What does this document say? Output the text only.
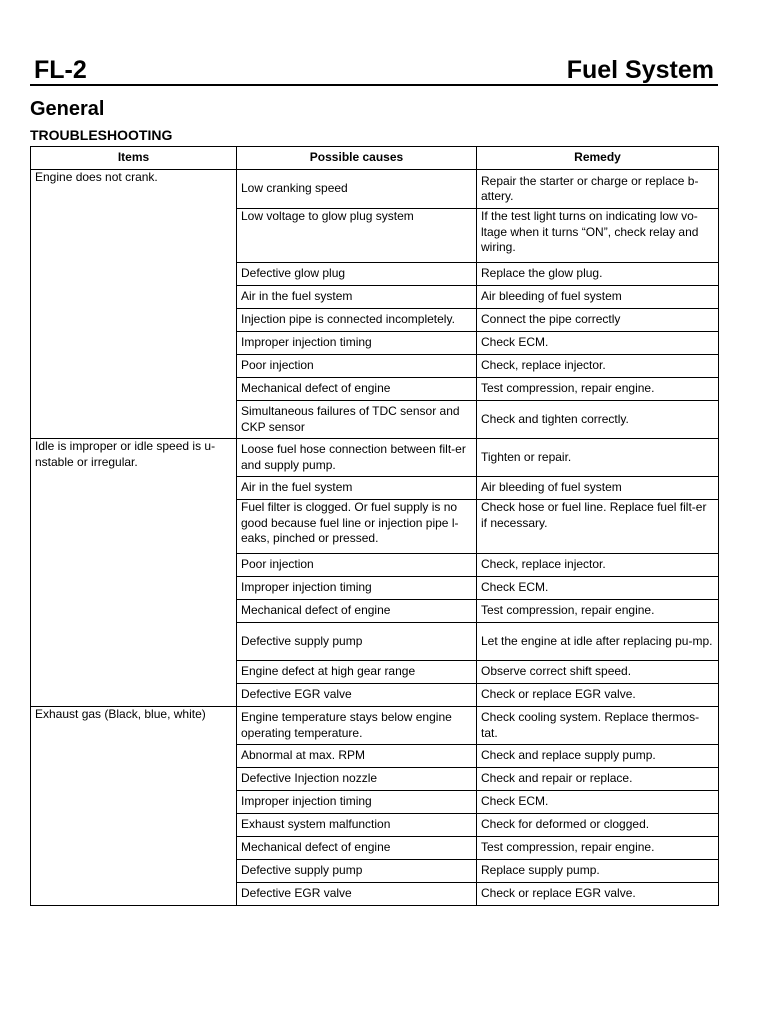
FL-2	Fuel System
General
TROUBLESHOOTING
Items	Possible causes	Remedy
Engine does not crank.	Low cranking speed	Repair the starter or charge or replace b-attery.
	Low voltage to glow plug system	If the test light turns on indicating low vo-ltage when it turns “ON”, check relay and wiring.
	Defective glow plug	Replace the glow plug.
	Air in the fuel system	Air bleeding of fuel system
	Injection pipe is connected incompletely.	Connect the pipe correctly
	Improper injection timing	Check ECM.
	Poor injection	Check, replace injector.
	Mechanical defect of engine	Test compression, repair engine.
	Simultaneous failures of TDC sensor and CKP sensor	Check and tighten correctly.
Idle is improper or idle speed is u-nstable or irregular.	Loose fuel hose connection between filt-er and supply pump.	Tighten or repair.
	Air in the fuel system	Air bleeding of fuel system
	Fuel filter is clogged. Or fuel supply is no good because fuel line or injection pipe l-eaks, pinched or pressed.	Check hose or fuel line. Replace fuel filt-er if necessary.
	Poor injection	Check, replace injector.
	Improper injection timing	Check ECM.
	Mechanical defect of engine	Test compression, repair engine.
	Defective supply pump	Let the engine at idle after replacing pu-mp.
	Engine defect at high gear range	Observe correct shift speed.
	Defective EGR valve	Check or replace EGR valve.
Exhaust gas (Black, blue, white)	Engine temperature stays below engine operating temperature.	Check cooling system. Replace thermos-tat.
	Abnormal at max. RPM	Check and replace supply pump.
	Defective Injection nozzle	Check and repair or replace.
	Improper injection timing	Check ECM.
	Exhaust system malfunction	Check for deformed or clogged.
	Mechanical defect of engine	Test compression, repair engine.
	Defective supply pump	Replace supply pump.
	Defective EGR valve	Check or replace EGR valve.
